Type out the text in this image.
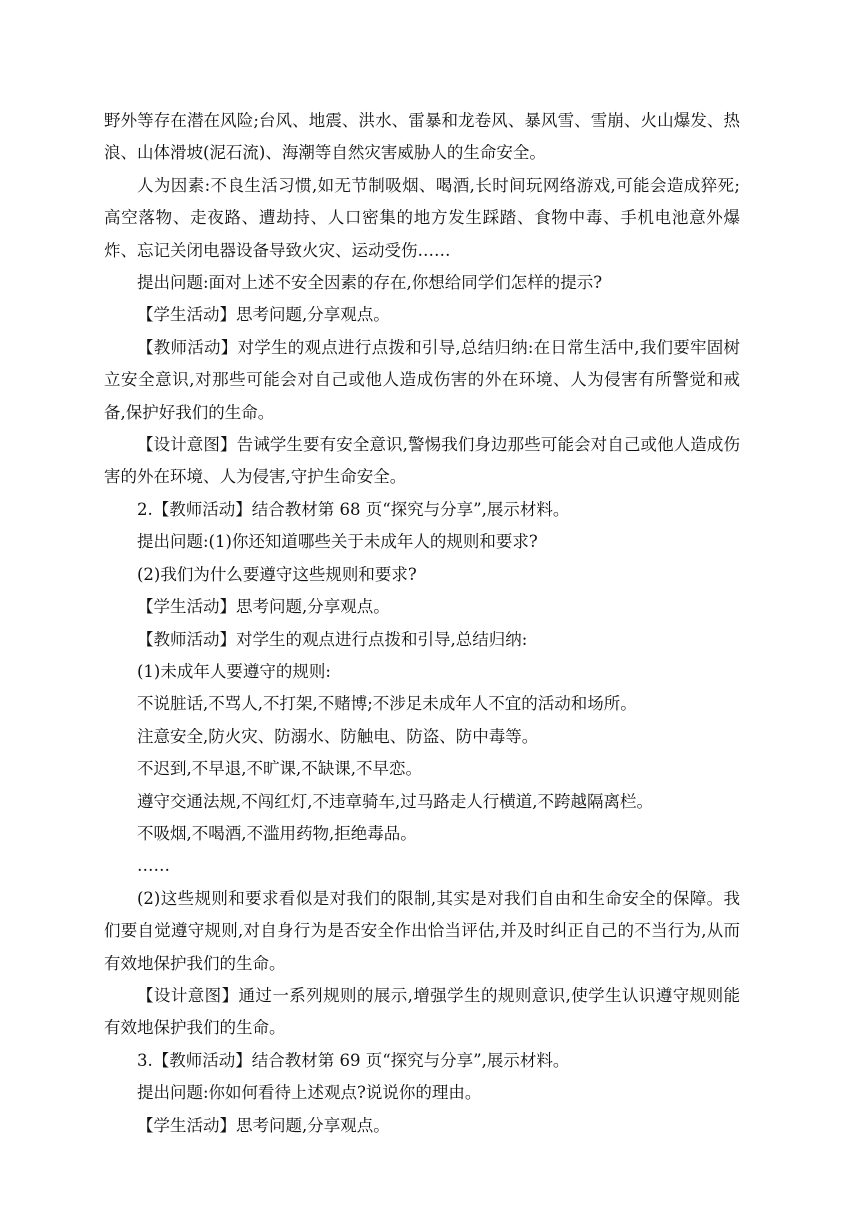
野外等存在潜在风险;台风、地震、洪水、雷暴和龙卷风、暴风雪、雪崩、火山爆发、热浪、山体滑坡(泥石流)、海潮等自然灾害威胁人的生命安全。

人为因素:不良生活习惯,如无节制吸烟、喝酒,长时间玩网络游戏,可能会造成猝死;高空落物、走夜路、遭劫持、人口密集的地方发生踩踏、食物中毒、手机电池意外爆炸、忘记关闭电器设备导致火灾、运动受伤……

提出问题:面对上述不安全因素的存在,你想给同学们怎样的提示?

【学生活动】思考问题,分享观点。

【教师活动】对学生的观点进行点拨和引导,总结归纳:在日常生活中,我们要牢固树立安全意识,对那些可能会对自己或他人造成伤害的外在环境、人为侵害有所警觉和戒备,保护好我们的生命。

【设计意图】告诫学生要有安全意识,警惕我们身边那些可能会对自己或他人造成伤害的外在环境、人为侵害,守护生命安全。

2.【教师活动】结合教材第 68 页“探究与分享”,展示材料。

提出问题:(1)你还知道哪些关于未成年人的规则和要求?

(2)我们为什么要遵守这些规则和要求?

【学生活动】思考问题,分享观点。

【教师活动】对学生的观点进行点拨和引导,总结归纳:

(1)未成年人要遵守的规则:

不说脏话,不骂人,不打架,不赌博;不涉足未成年人不宜的活动和场所。

注意安全,防火灾、防溺水、防触电、防盗、防中毒等。

不迟到,不早退,不旷课,不缺课,不早恋。

遵守交通法规,不闯红灯,不违章骑车,过马路走人行横道,不跨越隔离栏。

不吸烟,不喝酒,不滥用药物,拒绝毒品。

……

(2)这些规则和要求看似是对我们的限制,其实是对我们自由和生命安全的保障。我们要自觉遵守规则,对自身行为是否安全作出恰当评估,并及时纠正自己的不当行为,从而有效地保护我们的生命。

【设计意图】通过一系列规则的展示,增强学生的规则意识,使学生认识遵守规则能有效地保护我们的生命。

3.【教师活动】结合教材第 69 页“探究与分享”,展示材料。

提出问题:你如何看待上述观点?说说你的理由。

【学生活动】思考问题,分享观点。
